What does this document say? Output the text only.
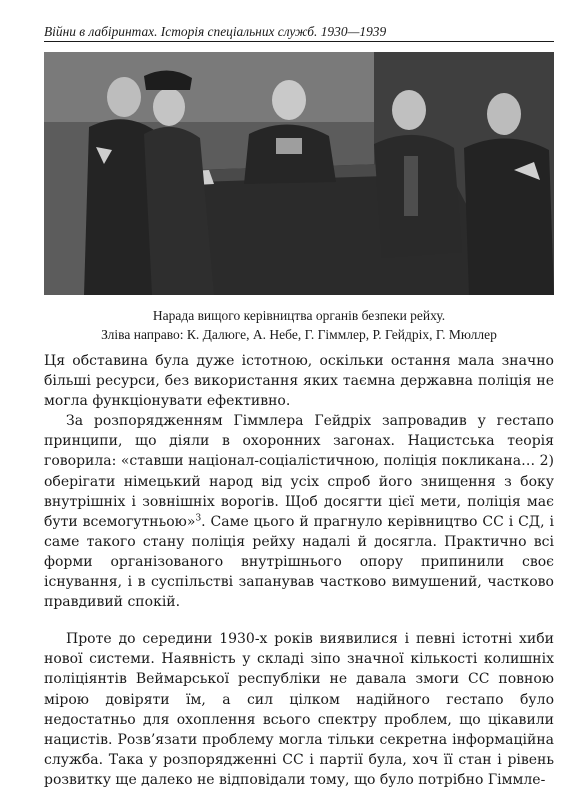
Війни в лабіринтах. Історія спеціальних служб. 1930—1939
Нарада вищого керівництва органів безпеки рейху.
Зліва направо: К. Далюге, А. Небе, Г. Гіммлер, Р. Гейдріх, Г. Мюллер

Ця обставина була дуже істотною, оскільки остання мала значно більші ресурси, без використання яких таємна державна поліція не могла функціонувати ефективно.

За розпорядженням Гіммлера Гейдріх запровадив у гестапо принципи, що діяли в охоронних загонах. Нацистська теорія говорила: «ставши націонал-соціалістичною, поліція покликана… 2) оберігати німецький народ від усіх спроб його знищення з боку внутрішніх і зовнішніх ворогів. Щоб досягти цієї мети, поліція має бути всемогутньою»$^3$. Саме цього й прагнуло керівництво СС і СД, і саме такого стану поліція рейху надалі й досягла. Практично всі форми організованого внутрішнього опору припинили своє існування, і в суспільстві запанував частково вимушений, частково правдивий спокій.

Проте до середини 1930-х років виявилися і певні істотні хиби нової системи. Наявність у складі зіпо значної кількості колишніх поліціянтів Веймарської республіки не давала змоги СС повною мірою довіряти їм, а сил цілком надійного гестапо було недостатньо для охоплення всього спектру проблем, що цікавили нацистів. Розв’язати проблему могла тільки секретна інформаційна служба. Така у розпорядженні СС і партії була, хоч її стан і рівень розвитку ще далеко не відповідали тому, що було потрібно Гіммле-
